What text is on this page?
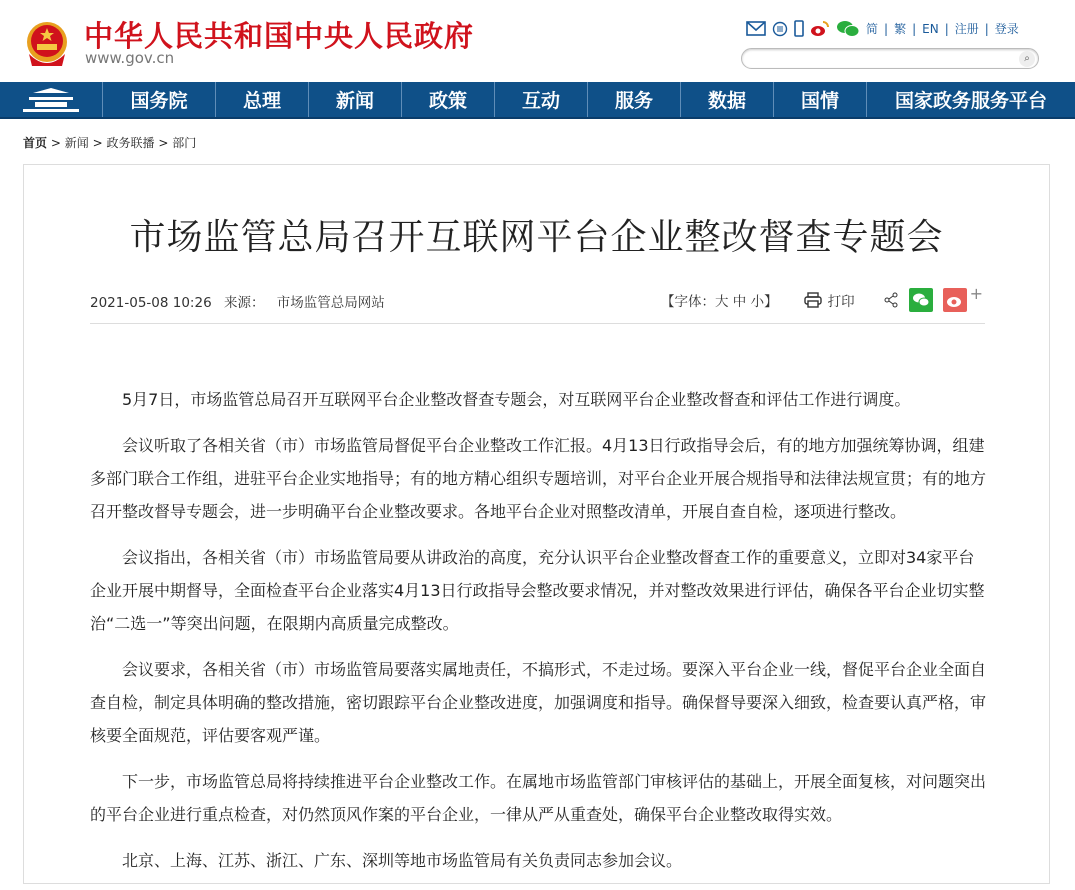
中华人民共和国中央人民政府
www.gov.cn
简 | 繁 | EN | 注册 | 登录
⌕
国务院	总理	新闻	政策	互动	服务	数据	国情	国家政务服务平台
首页 > 新闻 > 政务联播 > 部门
市场监管总局召开互联网平台企业整改督查专题会
2021-05-08 10:26 来源： 市场监管总局网站	【字体：大 中 小】	打印	+

5月7日，市场监管总局召开互联网平台企业整改督查专题会，对互联网平台企业整改督查和评估工作进行调度。

会议听取了各相关省（市）市场监管局督促平台企业整改工作汇报。4月13日行政指导会后，有的地方加强统筹协调，组建多部门联合工作组，进驻平台企业实地指导；有的地方精心组织专题培训，对平台企业开展合规指导和法律法规宣贯；有的地方召开整改督导专题会，进一步明确平台企业整改要求。各地平台企业对照整改清单，开展自查自检，逐项进行整改。

会议指出，各相关省（市）市场监管局要从讲政治的高度，充分认识平台企业整改督查工作的重要意义，立即对34家平台企业开展中期督导，全面检查平台企业落实4月13日行政指导会整改要求情况，并对整改效果进行评估，确保各平台企业切实整治“二选一”等突出问题，在限期内高质量完成整改。

会议要求，各相关省（市）市场监管局要落实属地责任，不搞形式，不走过场。要深入平台企业一线，督促平台企业全面自查自检，制定具体明确的整改措施，密切跟踪平台企业整改进度，加强调度和指导。确保督导要深入细致，检查要认真严格，审核要全面规范，评估要客观严谨。

下一步，市场监管总局将持续推进平台企业整改工作。在属地市场监管部门审核评估的基础上，开展全面复核，对问题突出的平台企业进行重点检查，对仍然顶风作案的平台企业，一律从严从重查处，确保平台企业整改取得实效。

北京、上海、江苏、浙江、广东、深圳等地市场监管局有关负责同志参加会议。
